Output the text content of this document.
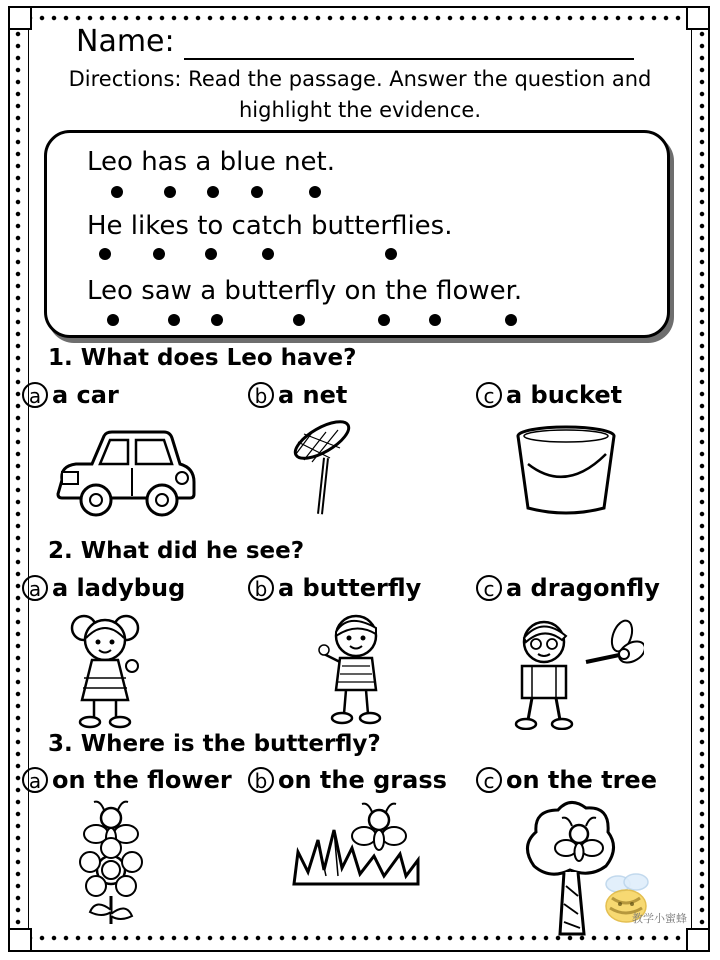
Name:
Directions: Read the passage. Answer the question and highlight the evidence.
Leo has a blue net.
He likes to catch butterflies.
Leo saw a butterfly on the flower.
1. What does Leo have?
a a car	b a net	c a bucket
2. What did he see?
a a ladybug	b a butterfly	c a dragonfly
3. Where is the butterfly?
a on the flower	b on the grass	c on the tree
教学小蜜蜂
